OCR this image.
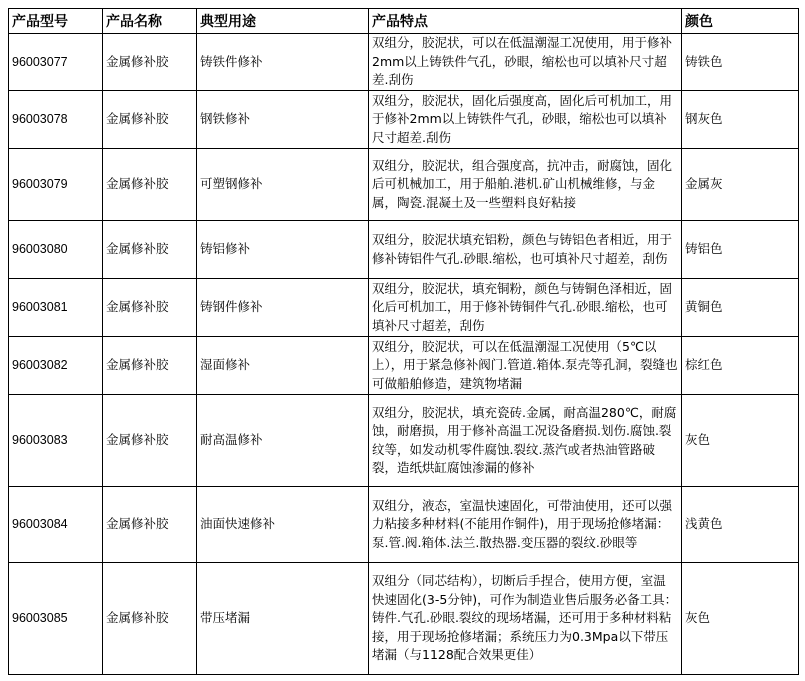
产品型号	产品名称	典型用途	产品特点	颜色
96003077	金属修补胶	铸铁件修补	双组分，胶泥状，可以在低温潮湿工况使用，用于修补2mm以上铸铁件气孔，砂眼，缩松也可以填补尺寸超差.刮伤	铸铁色
96003078	金属修补胶	钢铁修补	双组分，胶泥状，固化后强度高，固化后可机加工，用于修补2mm以上铸铁件气孔，砂眼，缩松也可以填补尺寸超差.刮伤	钢灰色
96003079	金属修补胶	可塑钢修补	双组分，胶泥状，组合强度高，抗冲击，耐腐蚀，固化后可机械加工，用于船舶.港机.矿山机械维修，与金属，陶瓷.混凝土及一些塑料良好粘接	金属灰
96003080	金属修补胶	铸铝修补	双组分，胶泥状填充铝粉，颜色与铸铝色者相近，用于修补铸铝件气孔.砂眼.缩松，也可填补尺寸超差，刮伤	铸铝色
96003081	金属修补胶	铸钢件修补	双组分，胶泥状，填充铜粉，颜色与铸铜色泽相近，固化后可机加工，用于修补铸铜件气孔.砂眼.缩松，也可填补尺寸超差，刮伤	黄铜色
96003082	金属修补胶	湿面修补	双组分，胶泥状，可以在低温潮湿工况使用（5℃以上），用于紧急修补阀门.管道.箱体.泵壳等孔洞，裂缝也可做船舶修造，建筑物堵漏	棕红色
96003083	金属修补胶	耐高温修补	双组分，胶泥状，填充瓷砖.金属，耐高温280℃，耐腐蚀，耐磨损，用于修补高温工况设备磨损.划伤.腐蚀.裂纹等，如发动机零件腐蚀.裂纹.蒸汽或者热油管路破裂，造纸烘缸腐蚀渗漏的修补	灰色
96003084	金属修补胶	油面快速修补	双组分，液态，室温快速固化，可带油使用，还可以强力粘接多种材料(不能用作铜件)，用于现场抢修堵漏：泵.管.阀.箱体.法兰.散热器.变压器的裂纹.砂眼等	浅黄色
96003085	金属修补胶	带压堵漏	双组分（同芯结构），切断后手捏合，使用方便，室温快速固化(3-5分钟)，可作为制造业售后服务必备工具：铸件.气孔.砂眼.裂纹的现场堵漏，还可用于多种材料粘接，用于现场抢修堵漏；系统压力为0.3Mpa以下带压堵漏（与1128配合效果更佳）	灰色
